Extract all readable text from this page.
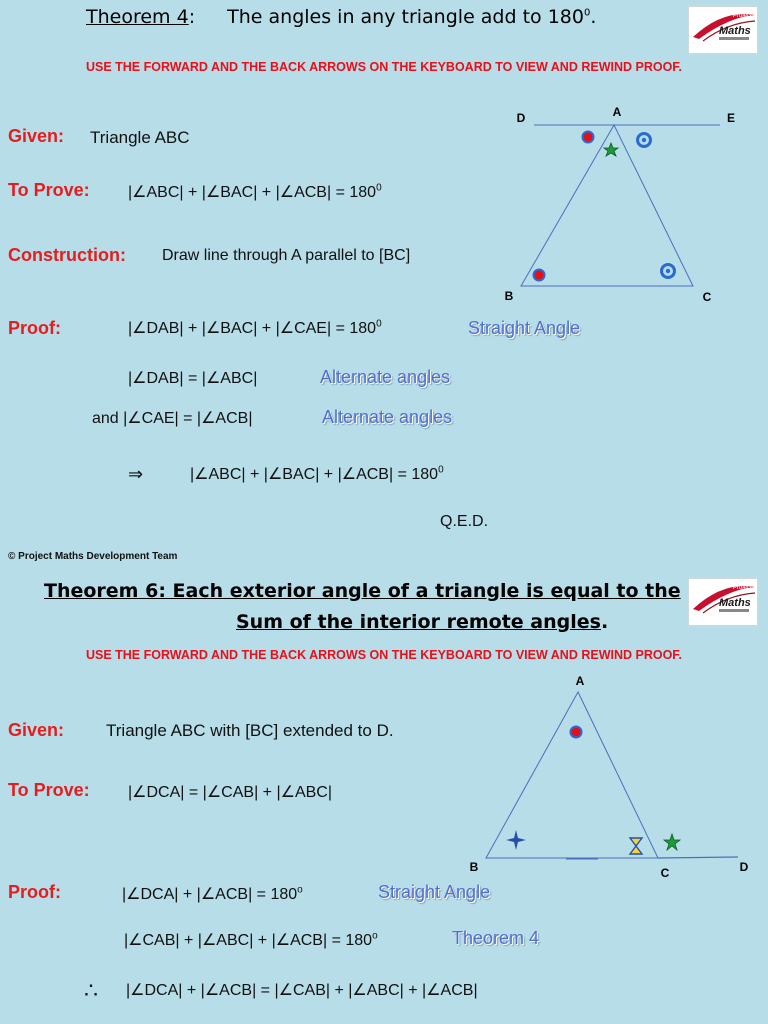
Theorem 4: The angles in any triangle add to $180^0$.	Project
Maths
USE THE FORWARD AND THE BACK ARROWS ON THE KEYBOARD TO VIEW AND REWIND PROOF.
Given: Triangle ABC
To Prove: |∠ABC| + |∠BAC| + |∠ACB| = $180^0$
Construction: Draw line through A parallel to [BC]
Proof:	|∠DAB| + |∠BAC| + |∠CAE| = $180^0$	Straight Angle
|∠DAB| = |∠ABC|	Alternate angles
and |∠CAE| = |∠ACB|	Alternate angles
⇒	|∠ABC| + |∠BAC| + |∠ACB| = $180^0$
Q.E.D.
© Project Maths Development Team
A
D	E
B	C
Theorem 6: Each exterior angle of a triangle is equal to the
Sum of the interior remote angles.
Project
Maths
USE THE FORWARD AND THE BACK ARROWS ON THE KEYBOARD TO VIEW AND REWIND PROOF.
Given: Triangle ABC with [BC] extended to D.
To Prove: |∠DCA| = |∠CAB| + |∠ABC|
Proof:	|∠DCA| + |∠ACB| = $180^o$	Straight Angle
|∠CAB| + |∠ABC| + |∠ACB| = $180^o$	Theorem 4
∴ |∠DCA| + |∠ACB| = |∠CAB| + |∠ABC| + |∠ACB|
A
B	C	D
